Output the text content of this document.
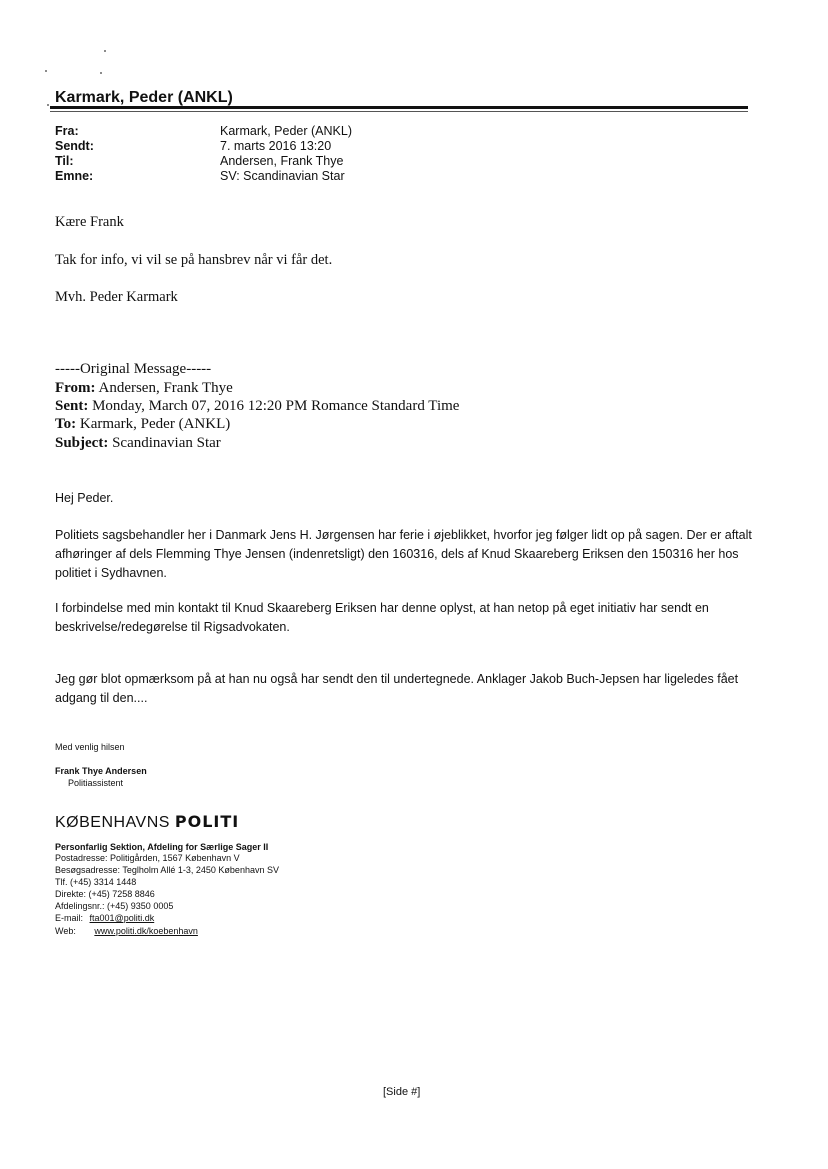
Karmark, Peder (ANKL)
Fra:	Karmark, Peder (ANKL)
Sendt:	7. marts 2016 13:20
Til:	Andersen, Frank Thye
Emne:	SV: Scandinavian Star
Kære Frank
Tak for info, vi vil se på hansbrev når vi får det.
Mvh. Peder Karmark
-----Original Message-----
From: Andersen, Frank Thye
Sent: Monday, March 07, 2016 12:20 PM Romance Standard Time
To: Karmark, Peder (ANKL)
Subject: Scandinavian Star
Hej Peder.
Politiets sagsbehandler her i Danmark Jens H. Jørgensen har ferie i øjeblikket, hvorfor jeg følger lidt op på sagen. Der er aftalt afhøringer af dels Flemming Thye Jensen (indenretsligt) den 160316, dels af Knud Skaareberg Eriksen den 150316 her hos politiet i Sydhavnen.
I forbindelse med min kontakt til Knud Skaareberg Eriksen har denne oplyst, at han netop på eget initiativ har sendt en beskrivelse/redegørelse til Rigsadvokaten.
Jeg gør blot opmærksom på at han nu også har sendt den til undertegnede. Anklager Jakob Buch-Jepsen har ligeledes fået adgang til den....
Med venlig hilsen
Frank Thye Andersen
Politiassistent
KØBENHAVNS POLITI
Personfarlig Sektion, Afdeling for Særlige Sager II
Postadresse: Politigården, 1567 København V
Besøgsadresse: Teglholm Allé 1-3, 2450 København SV
Tlf. (+45) 3314 1448
Direkte: (+45) 7258 8846
Afdelingsnr.: (+45) 9350 0005
E-mail: fta001@politi.dk
Web: www.politi.dk/koebenhavn
[Side #]
